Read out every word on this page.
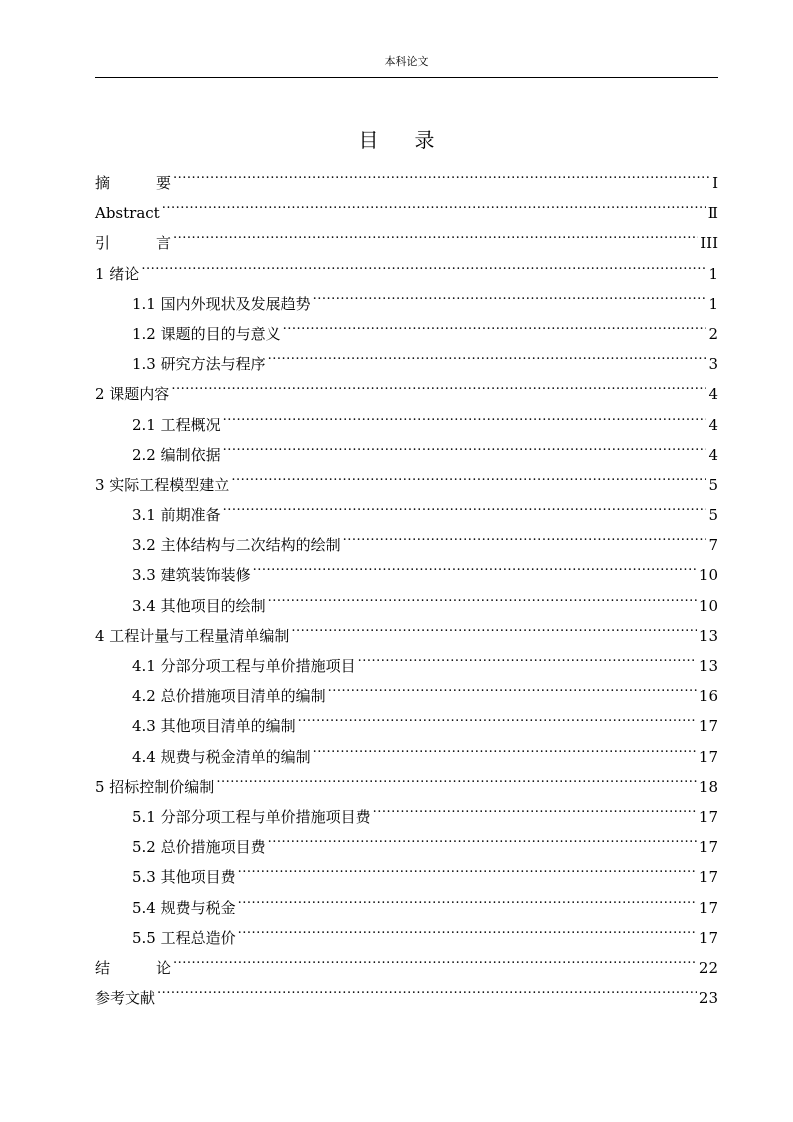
本科论文
目 录
摘	要 .....	Ⅰ
Abstract .....	Ⅱ
引	言 .....	III
1 绪论 .....	1
1.1 国内外现状及发展趋势 .....	1
1.2 课题的目的与意义 .....	2
1.3 研究方法与程序 .....	3
2 课题内容 .....	4
2.1 工程概况 .....	4
2.2 编制依据 .....	4
3 实际工程模型建立 .....	5
3.1 前期准备 .....	5
3.2 主体结构与二次结构的绘制 .....	7
3.3 建筑装饰装修 .....	10
3.4 其他项目的绘制 .....	10
4 工程计量与工程量清单编制 .....	13
4.1 分部分项工程与单价措施项目 .....	13
4.2 总价措施项目清单的编制 .....	16
4.3 其他项目清单的编制 .....	17
4.4 规费与税金清单的编制 .....	17
5 招标控制价编制 .....	18
5.1 分部分项工程与单价措施项目费 .....	17
5.2 总价措施项目费 .....	17
5.3 其他项目费 .....	17
5.4 规费与税金 .....	17
5.5 工程总造价 .....	17
结	论 .....	22
参考文献 .....	23
